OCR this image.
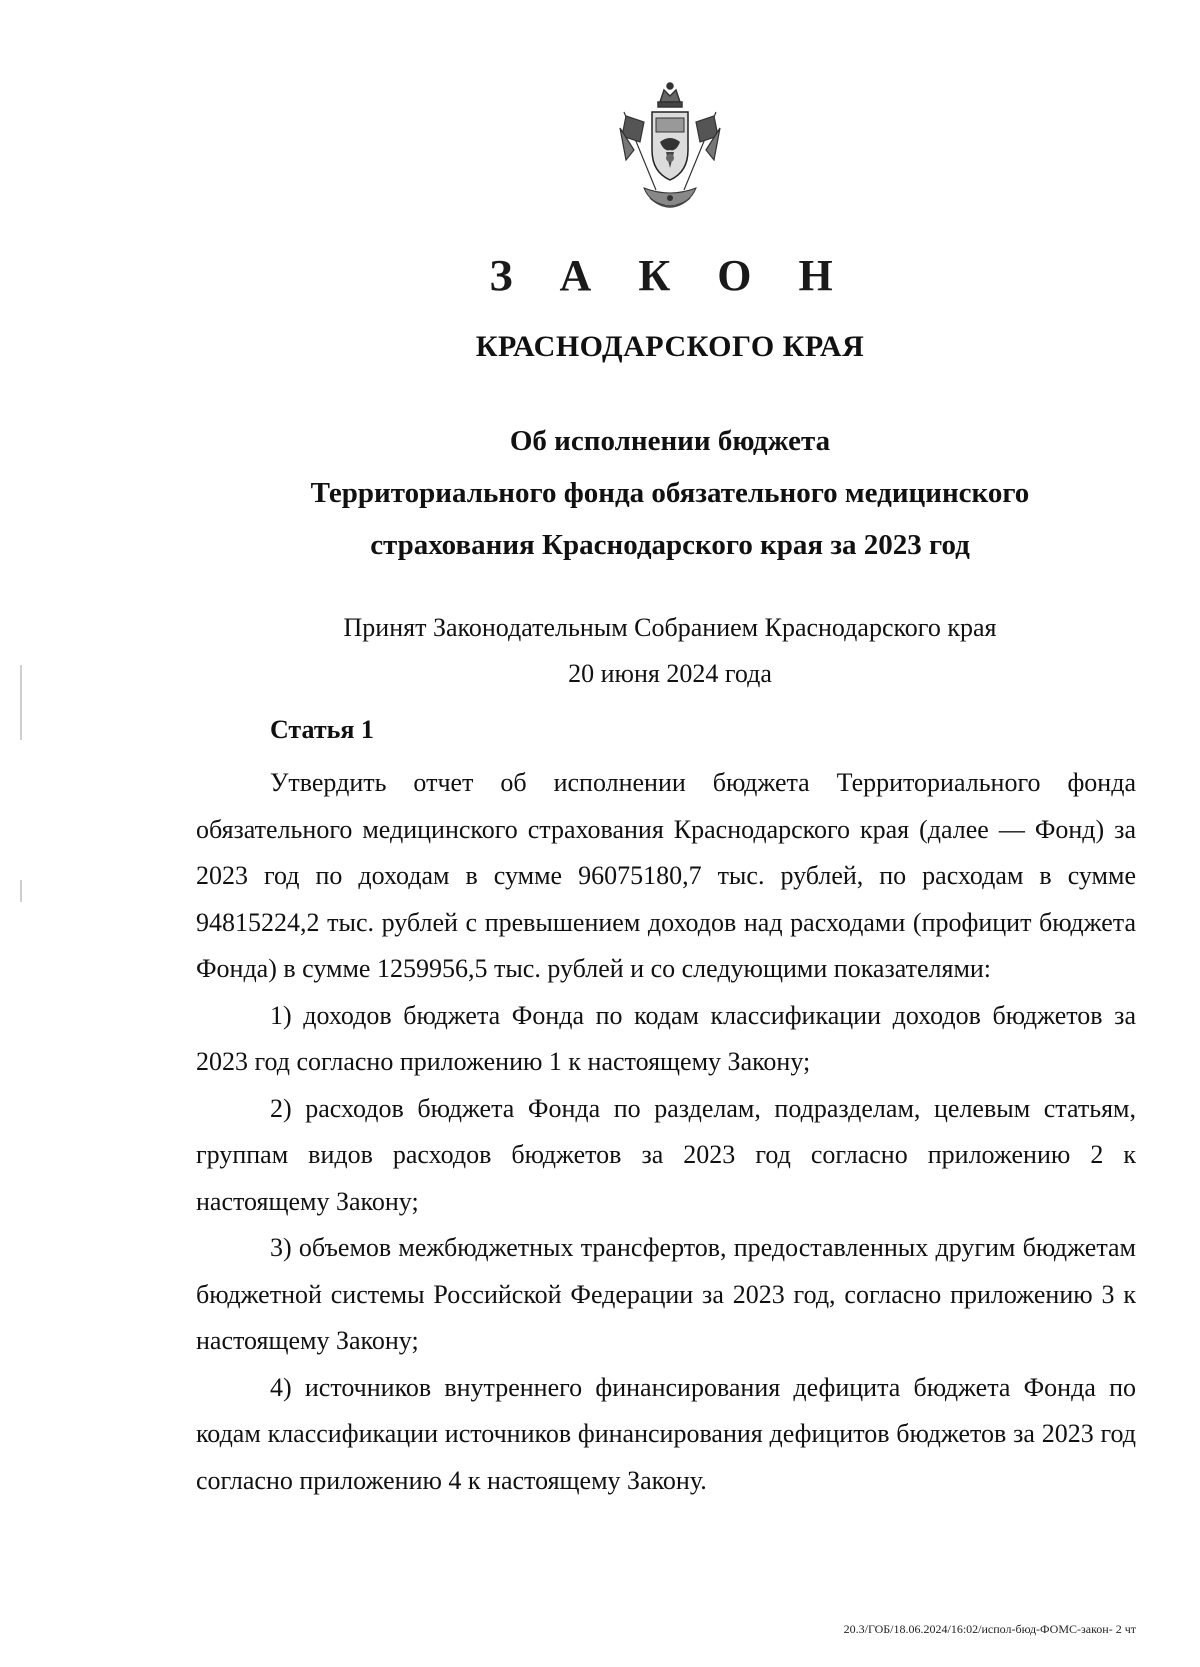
З А К О Н
КРАСНОДАРСКОГО КРАЯ
Об исполнении бюджета
Территориального фонда обязательного медицинского
страхования Краснодарского края за 2023 год
Принят Законодательным Собранием Краснодарского края
20 июня 2024 года
Статья 1

Утвердить отчет об исполнении бюджета Территориального фонда обязательного медицинского страхования Краснодарского края (далее — Фонд) за 2023 год по доходам в сумме 96075180,7 тыс. рублей, по расходам в сумме 94815224,2 тыс. рублей с превышением доходов над расходами (профицит бюджета Фонда) в сумме 1259956,5 тыс. рублей и со следующими показателями:

1) доходов бюджета Фонда по кодам классификации доходов бюджетов за 2023 год согласно приложению 1 к настоящему Закону;

2) расходов бюджета Фонда по разделам, подразделам, целевым статьям, группам видов расходов бюджетов за 2023 год согласно приложению 2 к настоящему Закону;

3) объемов межбюджетных трансфертов, предоставленных другим бюджетам бюджетной системы Российской Федерации за 2023 год, согласно приложению 3 к настоящему Закону;

4) источников внутреннего финансирования дефицита бюджета Фонда по кодам классификации источников финансирования дефицитов бюджетов за 2023 год согласно приложению 4 к настоящему Закону.

20.3/ГОБ/18.06.2024/16:02/испол-бюд-ФОМС-закон- 2 чт
